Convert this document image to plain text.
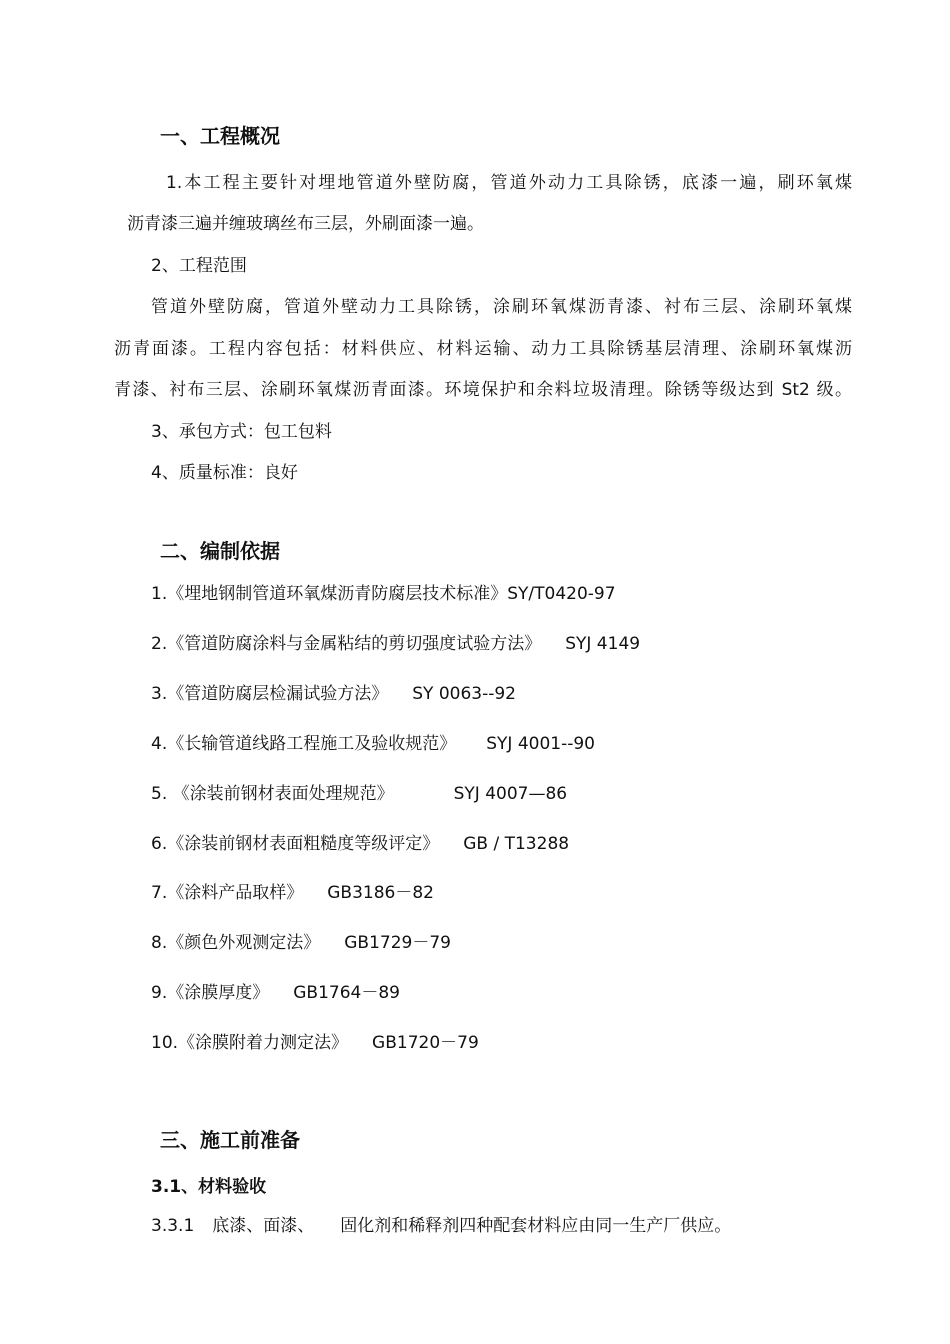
一、工程概况
1.本工程主要针对埋地管道外壁防腐，管道外动力工具除锈，底漆一遍，刷环氧煤
沥青漆三遍并缠玻璃丝布三层，外刷面漆一遍。
2、工程范围
管道外壁防腐，管道外壁动力工具除锈，涂刷环氧煤沥青漆、衬布三层、涂刷环氧煤
沥青面漆。工程内容包括：材料供应、材料运输、动力工具除锈基层清理、涂刷环氧煤沥
青漆、衬布三层、涂刷环氧煤沥青面漆。环境保护和余料垃圾清理。除锈等级达到 St2 级。
3、承包方式：包工包料
4、质量标准：良好
二、编制依据
1.《埋地钢制管道环氧煤沥青防腐层技术标准》SY/T0420-97
2.《管道防腐涂料与金属粘结的剪切强度试验方法》 SYJ 4149
3.《管道防腐层检漏试验方法》 SY 0063--92
4.《长输管道线路工程施工及验收规范》 SYJ 4001--90
5. 《涂装前钢材表面处理规范》	SYJ 4007—86
6.《涂装前钢材表面粗糙度等级评定》 GB / T13288
7.《涂料产品取样》 GB3186－82
8.《颜色外观测定法》 GB1729－79
9.《涂膜厚度》 GB1764－89
10.《涂膜附着力测定法》 GB1720－79
三、施工前准备
3.1、材料验收
3.3.1 底漆、面漆、 固化剂和稀释剂四种配套材料应由同一生产厂供应。
